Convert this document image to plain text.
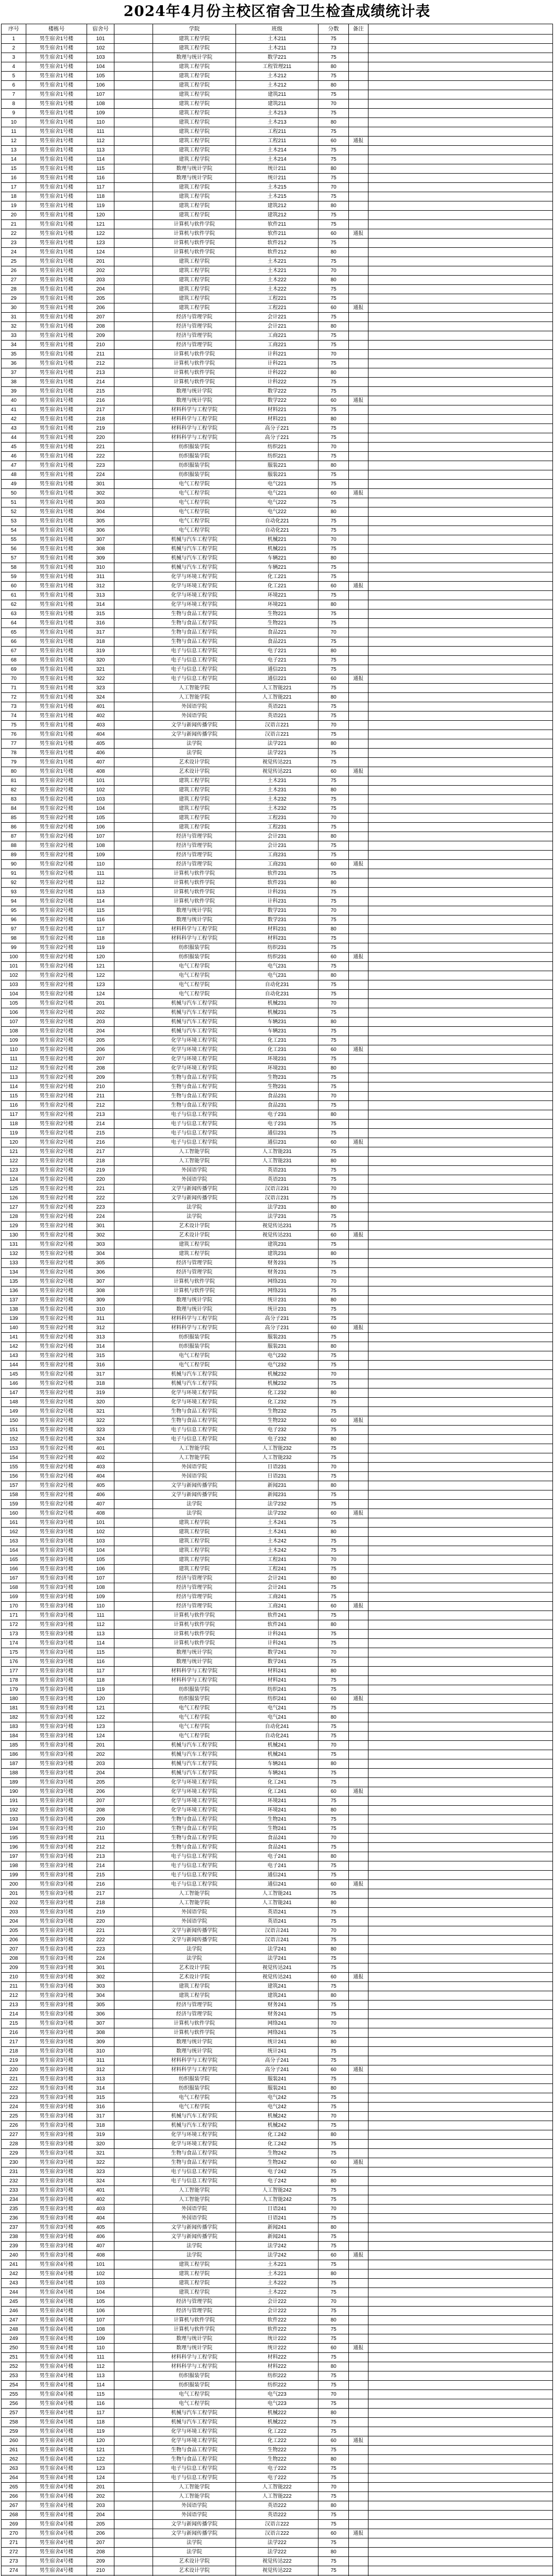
2024年4月份主校区宿舍卫生检查成绩统计表
序号	楼栋号	宿舍号		学院	班级	分数	备注	
1	男生宿舍1号楼	101		建筑工程学院	土木211	75		
2	男生宿舍1号楼	102		建筑工程学院	土木211	73		
3	男生宿舍1号楼	103		数理与统计学院	数学221	75		
4	男生宿舍1号楼	104		建筑工程学院	工程管理211	80		
5	男生宿舍1号楼	105		建筑工程学院	土木212	75		
6	男生宿舍1号楼	106		建筑工程学院	土木212	80		
7	男生宿舍1号楼	107		建筑工程学院	建筑211	75		
8	男生宿舍1号楼	108		建筑工程学院	建筑211	70		
9	男生宿舍1号楼	109		建筑工程学院	土木213	75		
10	男生宿舍1号楼	110		建筑工程学院	土木213	80		
11	男生宿舍1号楼	111		建筑工程学院	工程211	75		
12	男生宿舍1号楼	112		建筑工程学院	工程211	60	通报	
13	男生宿舍1号楼	113		建筑工程学院	土木214	75		
14	男生宿舍1号楼	114		建筑工程学院	土木214	75		
15	男生宿舍1号楼	115		数理与统计学院	统计211	80		
16	男生宿舍1号楼	116		数理与统计学院	统计211	75		
17	男生宿舍1号楼	117		建筑工程学院	土木215	70		
18	男生宿舍1号楼	118		建筑工程学院	土木215	75		
19	男生宿舍1号楼	119		建筑工程学院	建筑212	80		
20	男生宿舍1号楼	120		建筑工程学院	建筑212	75		
21	男生宿舍1号楼	121		计算机与软件学院	软件211	75		
22	男生宿舍1号楼	122		计算机与软件学院	软件211	60	通报	
23	男生宿舍1号楼	123		计算机与软件学院	软件212	75		
24	男生宿舍1号楼	124		计算机与软件学院	软件212	80		
25	男生宿舍1号楼	201		建筑工程学院	土木221	75		
26	男生宿舍1号楼	202		建筑工程学院	土木221	70		
27	男生宿舍1号楼	203		建筑工程学院	土木222	80		
28	男生宿舍1号楼	204		建筑工程学院	土木222	75		
29	男生宿舍1号楼	205		建筑工程学院	工程221	75		
30	男生宿舍1号楼	206		建筑工程学院	工程221	60	通报	
31	男生宿舍1号楼	207		经济与管理学院	会计221	75		
32	男生宿舍1号楼	208		经济与管理学院	会计221	80		
33	男生宿舍1号楼	209		经济与管理学院	工商221	75		
34	男生宿舍1号楼	210		经济与管理学院	工商221	75		
35	男生宿舍1号楼	211		计算机与软件学院	计科221	70		
36	男生宿舍1号楼	212		计算机与软件学院	计科221	75		
37	男生宿舍1号楼	213		计算机与软件学院	计科222	80		
38	男生宿舍1号楼	214		计算机与软件学院	计科222	75		
39	男生宿舍1号楼	215		数理与统计学院	数学222	75		
40	男生宿舍1号楼	216		数理与统计学院	数学222	60	通报	
41	男生宿舍1号楼	217		材料科学与工程学院	材料221	75		
42	男生宿舍1号楼	218		材料科学与工程学院	材料221	80		
43	男生宿舍1号楼	219		材料科学与工程学院	高分子221	75		
44	男生宿舍1号楼	220		材料科学与工程学院	高分子221	75		
45	男生宿舍1号楼	221		纺织服装学院	纺织221	70		
46	男生宿舍1号楼	222		纺织服装学院	纺织221	75		
47	男生宿舍1号楼	223		纺织服装学院	服装221	80		
48	男生宿舍1号楼	224		纺织服装学院	服装221	75		
49	男生宿舍1号楼	301		电气工程学院	电气221	75		
50	男生宿舍1号楼	302		电气工程学院	电气221	60	通报	
51	男生宿舍1号楼	303		电气工程学院	电气222	75		
52	男生宿舍1号楼	304		电气工程学院	电气222	80		
53	男生宿舍1号楼	305		电气工程学院	自动化221	75		
54	男生宿舍1号楼	306		电气工程学院	自动化221	75		
55	男生宿舍1号楼	307		机械与汽车工程学院	机械221	70		
56	男生宿舍1号楼	308		机械与汽车工程学院	机械221	75		
57	男生宿舍1号楼	309		机械与汽车工程学院	车辆221	80		
58	男生宿舍1号楼	310		机械与汽车工程学院	车辆221	75		
59	男生宿舍1号楼	311		化学与环境工程学院	化工221	75		
60	男生宿舍1号楼	312		化学与环境工程学院	化工221	60	通报	
61	男生宿舍1号楼	313		化学与环境工程学院	环境221	75		
62	男生宿舍1号楼	314		化学与环境工程学院	环境221	80		
63	男生宿舍1号楼	315		生物与食品工程学院	生物221	75		
64	男生宿舍1号楼	316		生物与食品工程学院	生物221	75		
65	男生宿舍1号楼	317		生物与食品工程学院	食品221	70		
66	男生宿舍1号楼	318		生物与食品工程学院	食品221	75		
67	男生宿舍1号楼	319		电子与信息工程学院	电子221	80		
68	男生宿舍1号楼	320		电子与信息工程学院	电子221	75		
69	男生宿舍1号楼	321		电子与信息工程学院	通信221	75		
70	男生宿舍1号楼	322		电子与信息工程学院	通信221	60	通报	
71	男生宿舍1号楼	323		人工智能学院	人工智能221	75		
72	男生宿舍1号楼	324		人工智能学院	人工智能221	80		
73	男生宿舍1号楼	401		外国语学院	英语221	75		
74	男生宿舍1号楼	402		外国语学院	英语221	75		
75	男生宿舍1号楼	403		文学与新闻传播学院	汉语言221	70		
76	男生宿舍1号楼	404		文学与新闻传播学院	汉语言221	75		
77	男生宿舍1号楼	405		法学院	法学221	80		
78	男生宿舍1号楼	406		法学院	法学221	75		
79	男生宿舍1号楼	407		艺术设计学院	视觉传达221	75		
80	男生宿舍1号楼	408		艺术设计学院	视觉传达221	60	通报	
81	男生宿舍2号楼	101		建筑工程学院	土木231	75		
82	男生宿舍2号楼	102		建筑工程学院	土木231	80		
83	男生宿舍2号楼	103		建筑工程学院	土木232	75		
84	男生宿舍2号楼	104		建筑工程学院	土木232	75		
85	男生宿舍2号楼	105		建筑工程学院	工程231	70		
86	男生宿舍2号楼	106		建筑工程学院	工程231	75		
87	男生宿舍2号楼	107		经济与管理学院	会计231	80		
88	男生宿舍2号楼	108		经济与管理学院	会计231	75		
89	男生宿舍2号楼	109		经济与管理学院	工商231	75		
90	男生宿舍2号楼	110		经济与管理学院	工商231	60	通报	
91	男生宿舍2号楼	111		计算机与软件学院	软件231	75		
92	男生宿舍2号楼	112		计算机与软件学院	软件231	80		
93	男生宿舍2号楼	113		计算机与软件学院	计科231	75		
94	男生宿舍2号楼	114		计算机与软件学院	计科231	75		
95	男生宿舍2号楼	115		数理与统计学院	数学231	70		
96	男生宿舍2号楼	116		数理与统计学院	数学231	75		
97	男生宿舍2号楼	117		材料科学与工程学院	材料231	80		
98	男生宿舍2号楼	118		材料科学与工程学院	材料231	75		
99	男生宿舍2号楼	119		纺织服装学院	纺织231	75		
100	男生宿舍2号楼	120		纺织服装学院	纺织231	60	通报	
101	男生宿舍2号楼	121		电气工程学院	电气231	75		
102	男生宿舍2号楼	122		电气工程学院	电气231	80		
103	男生宿舍2号楼	123		电气工程学院	自动化231	75		
104	男生宿舍2号楼	124		电气工程学院	自动化231	75		
105	男生宿舍2号楼	201		机械与汽车工程学院	机械231	70		
106	男生宿舍2号楼	202		机械与汽车工程学院	机械231	75		
107	男生宿舍2号楼	203		机械与汽车工程学院	车辆231	80		
108	男生宿舍2号楼	204		机械与汽车工程学院	车辆231	75		
109	男生宿舍2号楼	205		化学与环境工程学院	化工231	75		
110	男生宿舍2号楼	206		化学与环境工程学院	化工231	60	通报	
111	男生宿舍2号楼	207		化学与环境工程学院	环境231	75		
112	男生宿舍2号楼	208		化学与环境工程学院	环境231	80		
113	男生宿舍2号楼	209		生物与食品工程学院	生物231	75		
114	男生宿舍2号楼	210		生物与食品工程学院	生物231	75		
115	男生宿舍2号楼	211		生物与食品工程学院	食品231	70		
116	男生宿舍2号楼	212		生物与食品工程学院	食品231	75		
117	男生宿舍2号楼	213		电子与信息工程学院	电子231	80		
118	男生宿舍2号楼	214		电子与信息工程学院	电子231	75		
119	男生宿舍2号楼	215		电子与信息工程学院	通信231	75		
120	男生宿舍2号楼	216		电子与信息工程学院	通信231	60	通报	
121	男生宿舍2号楼	217		人工智能学院	人工智能231	75		
122	男生宿舍2号楼	218		人工智能学院	人工智能231	80		
123	男生宿舍2号楼	219		外国语学院	英语231	75		
124	男生宿舍2号楼	220		外国语学院	英语231	75		
125	男生宿舍2号楼	221		文学与新闻传播学院	汉语言231	70		
126	男生宿舍2号楼	222		文学与新闻传播学院	汉语言231	75		
127	男生宿舍2号楼	223		法学院	法学231	80		
128	男生宿舍2号楼	224		法学院	法学231	75		
129	男生宿舍2号楼	301		艺术设计学院	视觉传达231	75		
130	男生宿舍2号楼	302		艺术设计学院	视觉传达231	60	通报	
131	男生宿舍2号楼	303		建筑工程学院	建筑231	75		
132	男生宿舍2号楼	304		建筑工程学院	建筑231	80		
133	男生宿舍2号楼	305		经济与管理学院	财务231	75		
134	男生宿舍2号楼	306		经济与管理学院	财务231	75		
135	男生宿舍2号楼	307		计算机与软件学院	网络231	70		
136	男生宿舍2号楼	308		计算机与软件学院	网络231	75		
137	男生宿舍2号楼	309		数理与统计学院	统计231	80		
138	男生宿舍2号楼	310		数理与统计学院	统计231	75		
139	男生宿舍2号楼	311		材料科学与工程学院	高分子231	75		
140	男生宿舍2号楼	312		材料科学与工程学院	高分子231	60	通报	
141	男生宿舍2号楼	313		纺织服装学院	服装231	75		
142	男生宿舍2号楼	314		纺织服装学院	服装231	80		
143	男生宿舍2号楼	315		电气工程学院	电气232	75		
144	男生宿舍2号楼	316		电气工程学院	电气232	75		
145	男生宿舍2号楼	317		机械与汽车工程学院	机械232	70		
146	男生宿舍2号楼	318		机械与汽车工程学院	机械232	75		
147	男生宿舍2号楼	319		化学与环境工程学院	化工232	80		
148	男生宿舍2号楼	320		化学与环境工程学院	化工232	75		
149	男生宿舍2号楼	321		生物与食品工程学院	生物232	75		
150	男生宿舍2号楼	322		生物与食品工程学院	生物232	60	通报	
151	男生宿舍2号楼	323		电子与信息工程学院	电子232	75		
152	男生宿舍2号楼	324		电子与信息工程学院	电子232	80		
153	男生宿舍2号楼	401		人工智能学院	人工智能232	75		
154	男生宿舍2号楼	402		人工智能学院	人工智能232	75		
155	男生宿舍2号楼	403		外国语学院	日语231	70		
156	男生宿舍2号楼	404		外国语学院	日语231	75		
157	男生宿舍2号楼	405		文学与新闻传播学院	新闻231	80		
158	男生宿舍2号楼	406		文学与新闻传播学院	新闻231	75		
159	男生宿舍2号楼	407		法学院	法学232	75		
160	男生宿舍2号楼	408		法学院	法学232	60	通报	
161	男生宿舍3号楼	101		建筑工程学院	土木241	75		
162	男生宿舍3号楼	102		建筑工程学院	土木241	80		
163	男生宿舍3号楼	103		建筑工程学院	土木242	75		
164	男生宿舍3号楼	104		建筑工程学院	土木242	75		
165	男生宿舍3号楼	105		建筑工程学院	工程241	70		
166	男生宿舍3号楼	106		建筑工程学院	工程241	75		
167	男生宿舍3号楼	107		经济与管理学院	会计241	80		
168	男生宿舍3号楼	108		经济与管理学院	会计241	75		
169	男生宿舍3号楼	109		经济与管理学院	工商241	75		
170	男生宿舍3号楼	110		经济与管理学院	工商241	60	通报	
171	男生宿舍3号楼	111		计算机与软件学院	软件241	75		
172	男生宿舍3号楼	112		计算机与软件学院	软件241	80		
173	男生宿舍3号楼	113		计算机与软件学院	计科241	75		
174	男生宿舍3号楼	114		计算机与软件学院	计科241	75		
175	男生宿舍3号楼	115		数理与统计学院	数学241	70		
176	男生宿舍3号楼	116		数理与统计学院	数学241	75		
177	男生宿舍3号楼	117		材料科学与工程学院	材料241	80		
178	男生宿舍3号楼	118		材料科学与工程学院	材料241	75		
179	男生宿舍3号楼	119		纺织服装学院	纺织241	75		
180	男生宿舍3号楼	120		纺织服装学院	纺织241	60	通报	
181	男生宿舍3号楼	121		电气工程学院	电气241	75		
182	男生宿舍3号楼	122		电气工程学院	电气241	80		
183	男生宿舍3号楼	123		电气工程学院	自动化241	75		
184	男生宿舍3号楼	124		电气工程学院	自动化241	75		
185	男生宿舍3号楼	201		机械与汽车工程学院	机械241	70		
186	男生宿舍3号楼	202		机械与汽车工程学院	机械241	75		
187	男生宿舍3号楼	203		机械与汽车工程学院	车辆241	80		
188	男生宿舍3号楼	204		机械与汽车工程学院	车辆241	75		
189	男生宿舍3号楼	205		化学与环境工程学院	化工241	75		
190	男生宿舍3号楼	206		化学与环境工程学院	化工241	60	通报	
191	男生宿舍3号楼	207		化学与环境工程学院	环境241	75		
192	男生宿舍3号楼	208		化学与环境工程学院	环境241	80		
193	男生宿舍3号楼	209		生物与食品工程学院	生物241	75		
194	男生宿舍3号楼	210		生物与食品工程学院	生物241	75		
195	男生宿舍3号楼	211		生物与食品工程学院	食品241	70		
196	男生宿舍3号楼	212		生物与食品工程学院	食品241	75		
197	男生宿舍3号楼	213		电子与信息工程学院	电子241	80		
198	男生宿舍3号楼	214		电子与信息工程学院	电子241	75		
199	男生宿舍3号楼	215		电子与信息工程学院	通信241	75		
200	男生宿舍3号楼	216		电子与信息工程学院	通信241	60	通报	
201	男生宿舍3号楼	217		人工智能学院	人工智能241	75		
202	男生宿舍3号楼	218		人工智能学院	人工智能241	80		
203	男生宿舍3号楼	219		外国语学院	英语241	75		
204	男生宿舍3号楼	220		外国语学院	英语241	75		
205	男生宿舍3号楼	221		文学与新闻传播学院	汉语言241	70		
206	男生宿舍3号楼	222		文学与新闻传播学院	汉语言241	75		
207	男生宿舍3号楼	223		法学院	法学241	80		
208	男生宿舍3号楼	224		法学院	法学241	75		
209	男生宿舍3号楼	301		艺术设计学院	视觉传达241	75		
210	男生宿舍3号楼	302		艺术设计学院	视觉传达241	60	通报	
211	男生宿舍3号楼	303		建筑工程学院	建筑241	75		
212	男生宿舍3号楼	304		建筑工程学院	建筑241	80		
213	男生宿舍3号楼	305		经济与管理学院	财务241	75		
214	男生宿舍3号楼	306		经济与管理学院	财务241	75		
215	男生宿舍3号楼	307		计算机与软件学院	网络241	70		
216	男生宿舍3号楼	308		计算机与软件学院	网络241	75		
217	男生宿舍3号楼	309		数理与统计学院	统计241	80		
218	男生宿舍3号楼	310		数理与统计学院	统计241	75		
219	男生宿舍3号楼	311		材料科学与工程学院	高分子241	75		
220	男生宿舍3号楼	312		材料科学与工程学院	高分子241	60	通报	
221	男生宿舍3号楼	313		纺织服装学院	服装241	75		
222	男生宿舍3号楼	314		纺织服装学院	服装241	80		
223	男生宿舍3号楼	315		电气工程学院	电气242	75		
224	男生宿舍3号楼	316		电气工程学院	电气242	75		
225	男生宿舍3号楼	317		机械与汽车工程学院	机械242	70		
226	男生宿舍3号楼	318		机械与汽车工程学院	机械242	75		
227	男生宿舍3号楼	319		化学与环境工程学院	化工242	80		
228	男生宿舍3号楼	320		化学与环境工程学院	化工242	75		
229	男生宿舍3号楼	321		生物与食品工程学院	生物242	75		
230	男生宿舍3号楼	322		生物与食品工程学院	生物242	60	通报	
231	男生宿舍3号楼	323		电子与信息工程学院	电子242	75		
232	男生宿舍3号楼	324		电子与信息工程学院	电子242	80		
233	男生宿舍3号楼	401		人工智能学院	人工智能242	75		
234	男生宿舍3号楼	402		人工智能学院	人工智能242	75		
235	男生宿舍3号楼	403		外国语学院	日语241	70		
236	男生宿舍3号楼	404		外国语学院	日语241	75		
237	男生宿舍3号楼	405		文学与新闻传播学院	新闻241	80		
238	男生宿舍3号楼	406		文学与新闻传播学院	新闻241	75		
239	男生宿舍3号楼	407		法学院	法学242	75		
240	男生宿舍3号楼	408		法学院	法学242	60	通报	
241	男生宿舍4号楼	101		建筑工程学院	土木221	75		
242	男生宿舍4号楼	102		建筑工程学院	土木221	80		
243	男生宿舍4号楼	103		建筑工程学院	土木222	75		
244	男生宿舍4号楼	104		建筑工程学院	土木222	75		
245	男生宿舍4号楼	105		经济与管理学院	会计222	70		
246	男生宿舍4号楼	106		经济与管理学院	会计222	75		
247	男生宿舍4号楼	107		计算机与软件学院	软件222	80		
248	男生宿舍4号楼	108		计算机与软件学院	软件222	75		
249	男生宿舍4号楼	109		数理与统计学院	统计222	75		
250	男生宿舍4号楼	110		数理与统计学院	统计222	60	通报	
251	男生宿舍4号楼	111		材料科学与工程学院	材料222	75		
252	男生宿舍4号楼	112		材料科学与工程学院	材料222	80		
253	男生宿舍4号楼	113		纺织服装学院	纺织222	75		
254	男生宿舍4号楼	114		纺织服装学院	纺织222	75		
255	男生宿舍4号楼	115		电气工程学院	电气223	70		
256	男生宿舍4号楼	116		电气工程学院	电气223	75		
257	男生宿舍4号楼	117		机械与汽车工程学院	机械222	80		
258	男生宿舍4号楼	118		机械与汽车工程学院	机械222	75		
259	男生宿舍4号楼	119		化学与环境工程学院	化工222	75		
260	男生宿舍4号楼	120		化学与环境工程学院	化工222	60	通报	
261	男生宿舍4号楼	121		生物与食品工程学院	生物222	75		
262	男生宿舍4号楼	122		生物与食品工程学院	生物222	80		
263	男生宿舍4号楼	123		电子与信息工程学院	电子222	75		
264	男生宿舍4号楼	124		电子与信息工程学院	电子222	75		
265	男生宿舍4号楼	201		人工智能学院	人工智能222	70		
266	男生宿舍4号楼	202		人工智能学院	人工智能222	75		
267	男生宿舍4号楼	203		外国语学院	英语222	80		
268	男生宿舍4号楼	204		外国语学院	英语222	75		
269	男生宿舍4号楼	205		文学与新闻传播学院	汉语言222	75		
270	男生宿舍4号楼	206		文学与新闻传播学院	汉语言222	60	通报	
271	男生宿舍4号楼	207		法学院	法学222	75		
272	男生宿舍4号楼	208		法学院	法学222	80		
273	男生宿舍4号楼	209		艺术设计学院	视觉传达222	75		
274	男生宿舍4号楼	210		艺术设计学院	视觉传达222	75		
